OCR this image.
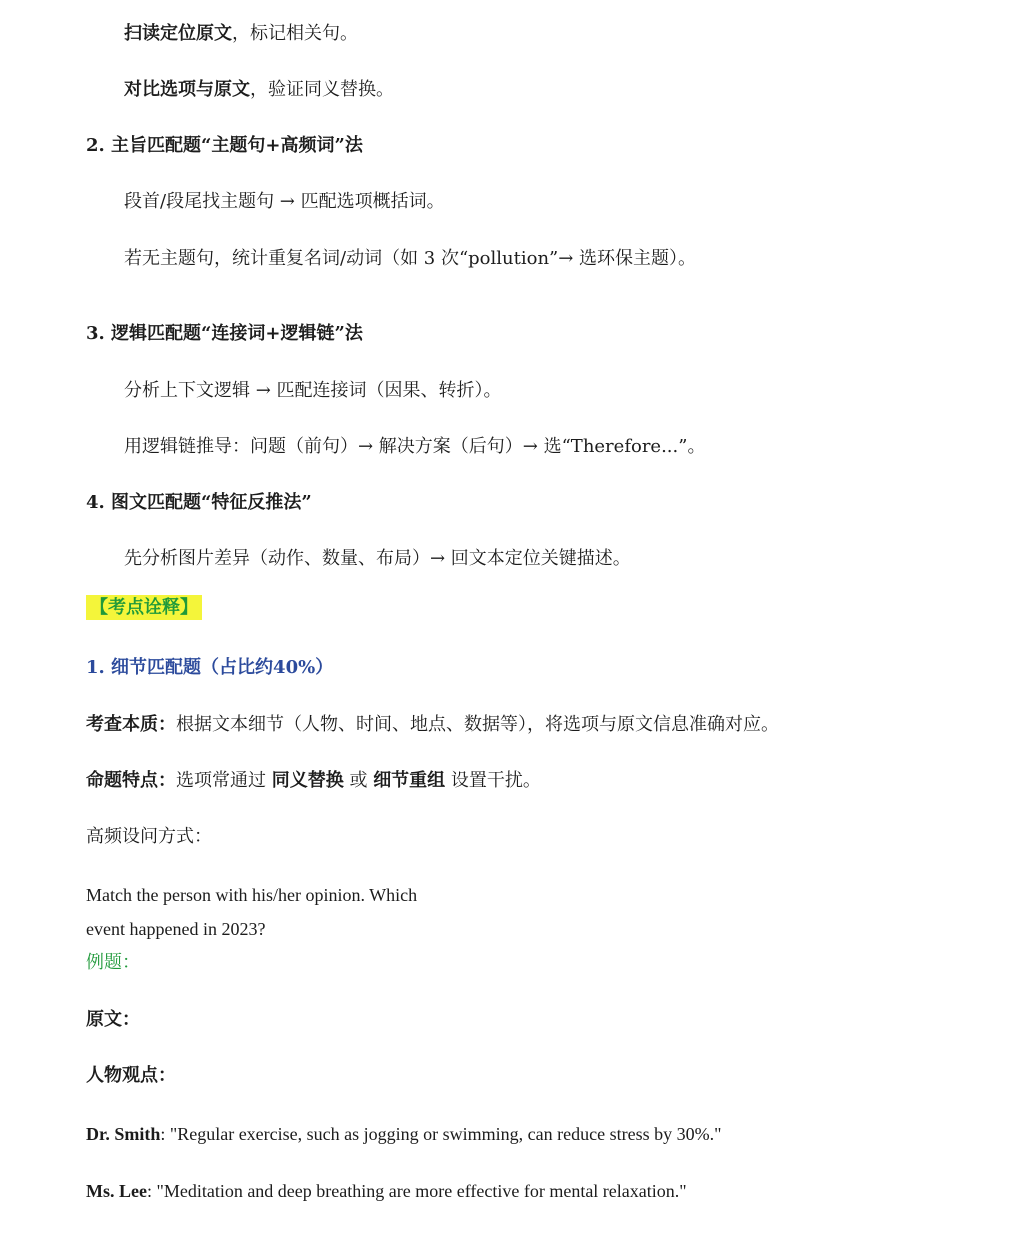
扫读定位原文，标记相关句。
对比选项与原文，验证同义替换。
2. 主旨匹配题“主题句+高频词”法
段首/段尾找主题句 → 匹配选项概括词。
若无主题句，统计重复名词/动词（如 3 次“pollution”→ 选环保主题）。
3. 逻辑匹配题“连接词+逻辑链”法
分析上下文逻辑 → 匹配连接词（因果、转折）。
用逻辑链推导：问题（前句）→ 解决方案（后句）→ 选“Therefore...”。
4. 图文匹配题“特征反推法”
先分析图片差异（动作、数量、布局）→ 回文本定位关键描述。
【考点诠释】
1. 细节匹配题（占比约40%）
考查本质：根据文本细节（人物、时间、地点、数据等），将选项与原文信息准确对应。
命题特点：选项常通过 同义替换 或 细节重组 设置干扰。
高频设问方式：
Match the person with his/her opinion. Which
event happened in 2023?
例题：
原文：
人物观点：
Dr. Smith: "Regular exercise, such as jogging or swimming, can reduce stress by 30%."
Ms. Lee: "Meditation and deep breathing are more effective for mental relaxation."
